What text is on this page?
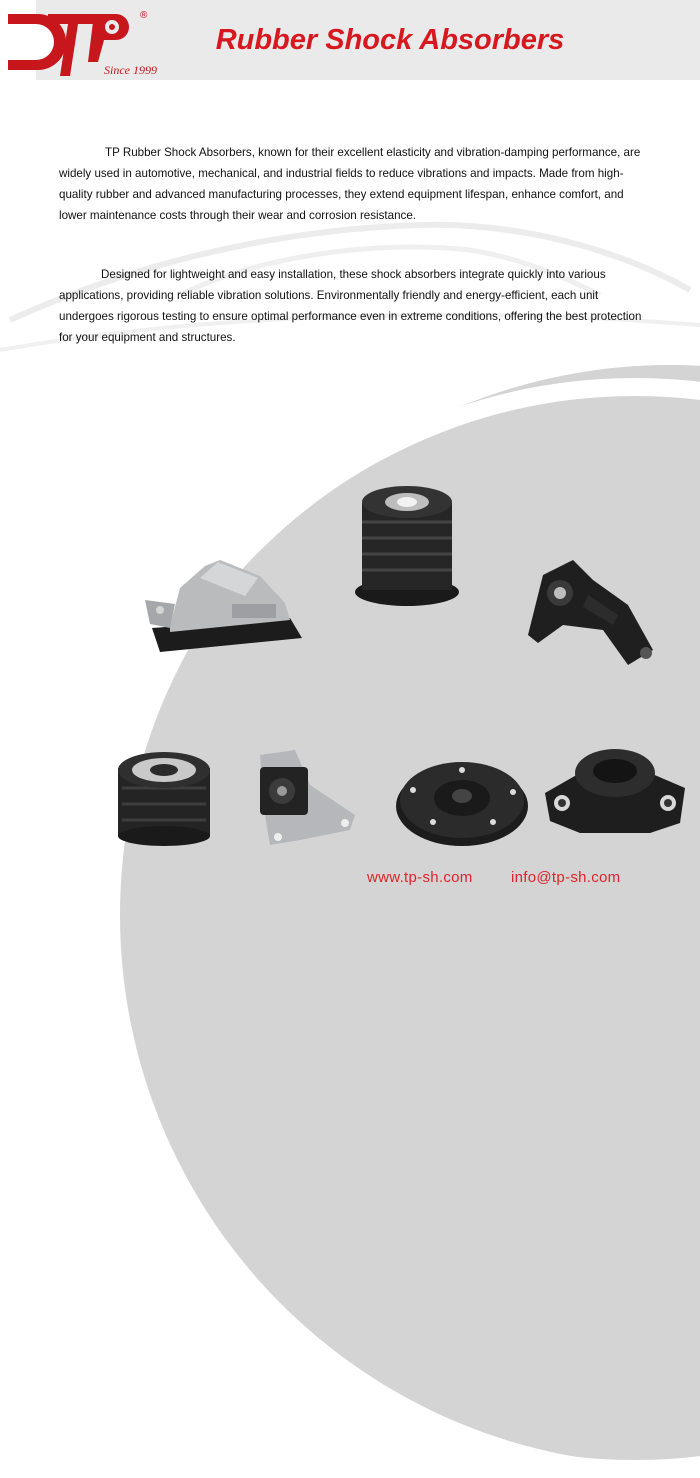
®
Since 1999
Rubber Shock Absorbers

TP Rubber Shock Absorbers, known for their excellent elasticity and vibration-damping performance, are widely used in automotive, mechanical, and industrial fields to reduce vibrations and impacts. Made from high-quality rubber and advanced manufacturing processes, they extend equipment lifespan, enhance comfort, and lower maintenance costs through their wear and corrosion resistance.

Designed for lightweight and easy installation, these shock absorbers integrate quickly into various applications, providing reliable vibration solutions. Environmentally friendly and energy-efficient, each unit undergoes rigorous testing to ensure optimal performance even in extreme conditions, offering the best protection for your equipment and structures.

www.tp-sh.com	info@tp-sh.com
